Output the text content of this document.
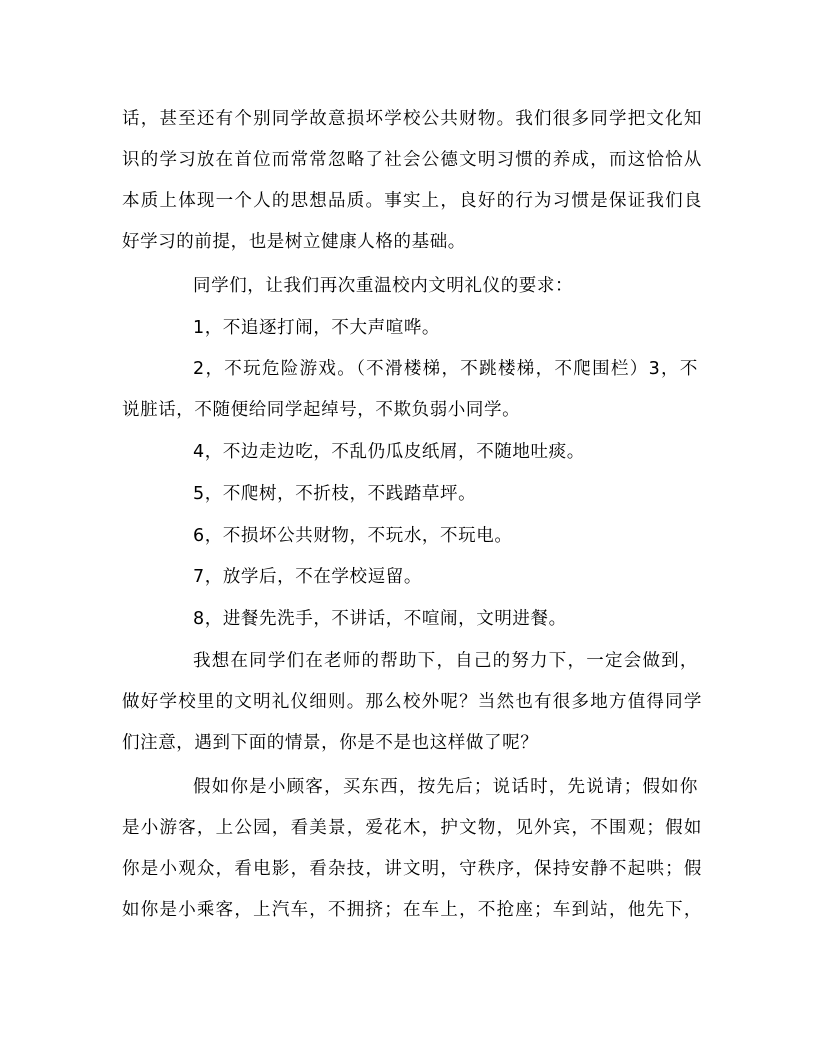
话，甚至还有个别同学故意损坏学校公共财物。我们很多同学把文化知
识的学习放在首位而常常忽略了社会公德文明习惯的养成，而这恰恰从
本质上体现一个人的思想品质。事实上，良好的行为习惯是保证我们良
好学习的前提，也是树立健康人格的基础。
同学们，让我们再次重温校内文明礼仪的要求：
1，不追逐打闹，不大声喧哗。
2，不玩危险游戏。（不滑楼梯，不跳楼梯，不爬围栏）3，不
说脏话，不随便给同学起绰号，不欺负弱小同学。
4，不边走边吃，不乱仍瓜皮纸屑，不随地吐痰。
5，不爬树，不折枝，不践踏草坪。
6，不损坏公共财物，不玩水，不玩电。
7，放学后，不在学校逗留。
8，进餐先洗手，不讲话，不喧闹，文明进餐。
我想在同学们在老师的帮助下，自己的努力下，一定会做到，
做好学校里的文明礼仪细则。那么校外呢？当然也有很多地方值得同学
们注意，遇到下面的情景，你是不是也这样做了呢？
假如你是小顾客，买东西，按先后；说话时，先说请；假如你
是小游客，上公园，看美景，爱花木，护文物，见外宾，不围观；假如
你是小观众，看电影，看杂技，讲文明，守秩序，保持安静不起哄；假
如你是小乘客，上汽车，不拥挤；在车上，不抢座；车到站，他先下，
